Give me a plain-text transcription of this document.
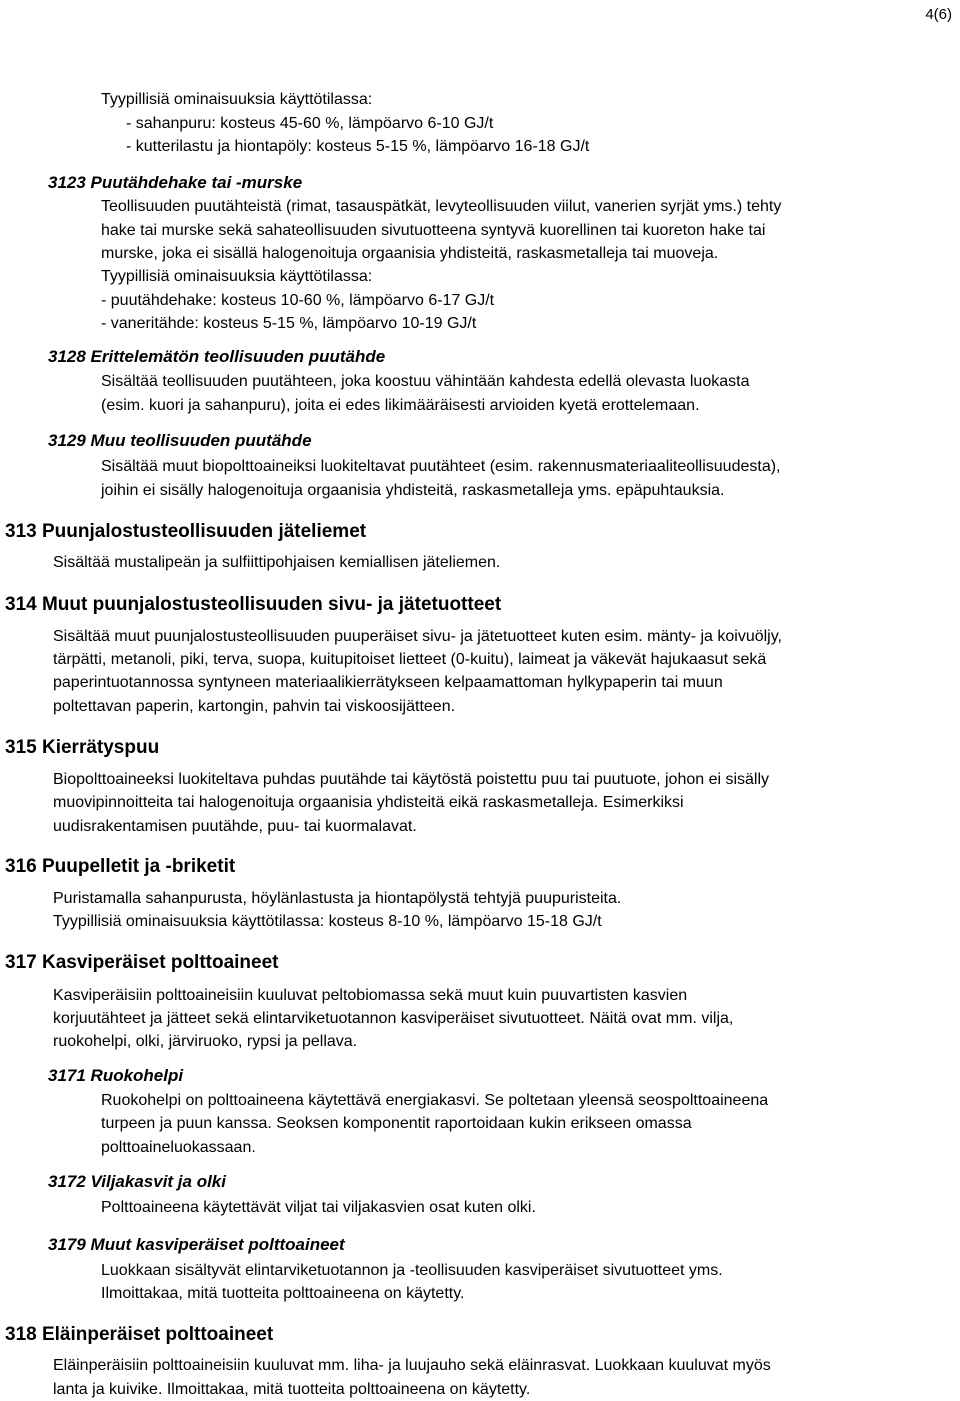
4(6)
Tyypillisiä ominaisuuksia käyttötilassa:
- sahanpuru: kosteus 45-60 %, lämpöarvo 6-10 GJ/t
- kutterilastu ja hiontapöly: kosteus 5-15 %, lämpöarvo 16-18 GJ/t
3123 Puutähdehake tai -murske
Teollisuuden puutähteistä (rimat, tasauspätkät, levyteollisuuden viilut, vanerien syrjät yms.) tehty
hake tai murske sekä sahateollisuuden sivutuotteena syntyvä kuorellinen tai kuoreton hake tai
murske, joka ei sisällä halogenoituja orgaanisia yhdisteitä, raskasmetalleja tai muoveja.
Tyypillisiä ominaisuuksia käyttötilassa:
- puutähdehake: kosteus 10-60 %, lämpöarvo 6-17 GJ/t
- vaneritähde: kosteus 5-15 %, lämpöarvo 10-19 GJ/t
3128 Erittelemätön teollisuuden puutähde
Sisältää teollisuuden puutähteen, joka koostuu vähintään kahdesta edellä olevasta luokasta
(esim. kuori ja sahanpuru), joita ei edes likimääräisesti arvioiden kyetä erottelemaan.
3129 Muu teollisuuden puutähde
Sisältää muut biopolttoaineiksi luokiteltavat puutähteet (esim. rakennusmateriaaliteollisuudesta),
joihin ei sisälly halogenoituja orgaanisia yhdisteitä, raskasmetalleja yms. epäpuhtauksia.
313 Puunjalostusteollisuuden jäteliemet
Sisältää mustalipeän ja sulfiittipohjaisen kemiallisen jäteliemen.
314 Muut puunjalostusteollisuuden sivu- ja jätetuotteet
Sisältää muut puunjalostusteollisuuden puuperäiset sivu- ja jätetuotteet kuten esim. mänty- ja koivuöljy,
tärpätti, metanoli, piki, terva, suopa, kuitupitoiset lietteet (0-kuitu), laimeat ja väkevät hajukaasut sekä
paperintuotannossa syntyneen materiaalikierrätykseen kelpaamattoman hylkypaperin tai muun
poltettavan paperin, kartongin, pahvin tai viskoosijätteen.
315 Kierrätyspuu
Biopolttoaineeksi luokiteltava puhdas puutähde tai käytöstä poistettu puu tai puutuote, johon ei sisälly
muovipinnoitteita tai halogenoituja orgaanisia yhdisteitä eikä raskasmetalleja. Esimerkiksi
uudisrakentamisen puutähde, puu- tai kuormalavat.
316 Puupelletit ja -briketit
Puristamalla sahanpurusta, höylänlastusta ja hiontapölystä tehtyjä puupuristeita.
Tyypillisiä ominaisuuksia käyttötilassa: kosteus 8-10 %, lämpöarvo 15-18 GJ/t
317 Kasviperäiset polttoaineet
Kasviperäisiin polttoaineisiin kuuluvat peltobiomassa sekä muut kuin puuvartisten kasvien
korjuutähteet ja jätteet sekä elintarviketuotannon kasviperäiset sivutuotteet. Näitä ovat mm. vilja,
ruokohelpi, olki, järviruoko, rypsi ja pellava.
3171 Ruokohelpi
Ruokohelpi on polttoaineena käytettävä energiakasvi. Se poltetaan yleensä seospolttoaineena
turpeen ja puun kanssa. Seoksen komponentit raportoidaan kukin erikseen omassa
polttoaineluokassaan.
3172 Viljakasvit ja olki
Polttoaineena käytettävät viljat tai viljakasvien osat kuten olki.
3179 Muut kasviperäiset polttoaineet
Luokkaan sisältyvät elintarviketuotannon ja -teollisuuden kasviperäiset sivutuotteet yms.
Ilmoittakaa, mitä tuotteita polttoaineena on käytetty.
318 Eläinperäiset polttoaineet
Eläinperäisiin polttoaineisiin kuuluvat mm. liha- ja luujauho sekä eläinrasvat. Luokkaan kuuluvat myös
lanta ja kuivike. Ilmoittakaa, mitä tuotteita polttoaineena on käytetty.
